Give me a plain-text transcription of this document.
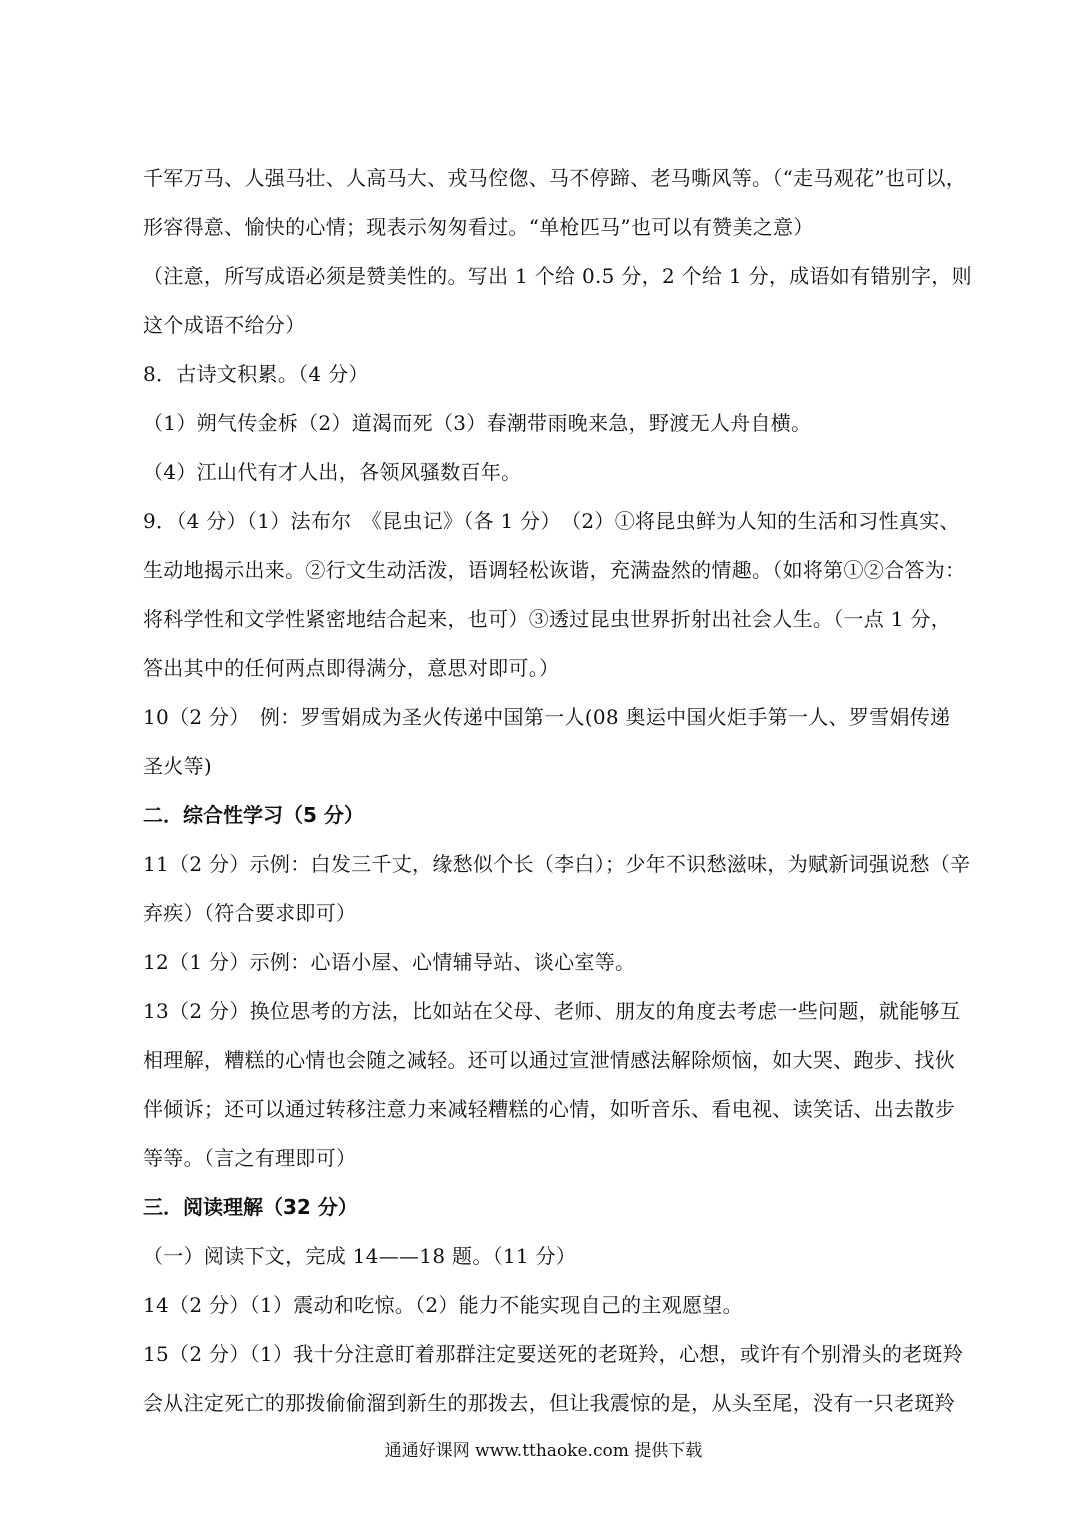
千军万马、人强马壮、人高马大、戎马倥偬、马不停蹄、老马嘶风等。（“走马观花”也可以，
形容得意、愉快的心情；现表示匆匆看过。“单枪匹马”也可以有赞美之意）
（注意，所写成语必须是赞美性的。写出 1 个给 0.5 分，2 个给 1 分，成语如有错别字，则
这个成语不给分）
8．古诗文积累。（4 分）
（1）朔气传金柝（2）道渴而死（3）春潮带雨晚来急，野渡无人舟自横。
（4）江山代有才人出，各领风骚数百年。
9．（4 分）（1）法布尔　《昆虫记》（各 1 分）　（2）①将昆虫鲜为人知的生活和习性真实、
生动地揭示出来。②行文生动活泼，语调轻松诙谐，充满盎然的情趣。（如将第①②合答为：
将科学性和文学性紧密地结合起来，也可）③透过昆虫世界折射出社会人生。（一点 1 分，
答出其中的任何两点即得满分，意思对即可。）
10（2 分）　例：罗雪娟成为圣火传递中国第一人(08 奥运中国火炬手第一人、罗雪娟传递
圣火等)
二．综合性学习（5 分）
11（2 分）示例：白发三千丈，缘愁似个长（李白）；少年不识愁滋味，为赋新词强说愁（辛
弃疾）（符合要求即可）
12（1 分）示例：心语小屋、心情辅导站、谈心室等。
13（2 分）换位思考的方法，比如站在父母、老师、朋友的角度去考虑一些问题，就能够互
相理解，糟糕的心情也会随之减轻。还可以通过宣泄情感法解除烦恼，如大哭、跑步、找伙
伴倾诉；还可以通过转移注意力来减轻糟糕的心情，如听音乐、看电视、读笑话、出去散步
等等。（言之有理即可）
三．阅读理解（32 分）
（一）阅读下文，完成 14——18 题。（11 分）
14（2 分）（1）震动和吃惊。（2）能力不能实现自己的主观愿望。
15（2 分）（1）我十分注意盯着那群注定要送死的老斑羚，心想，或许有个别滑头的老斑羚
会从注定死亡的那拨偷偷溜到新生的那拨去，但让我震惊的是，从头至尾，没有一只老斑羚
通通好课网 www.tthaoke.com 提供下载
